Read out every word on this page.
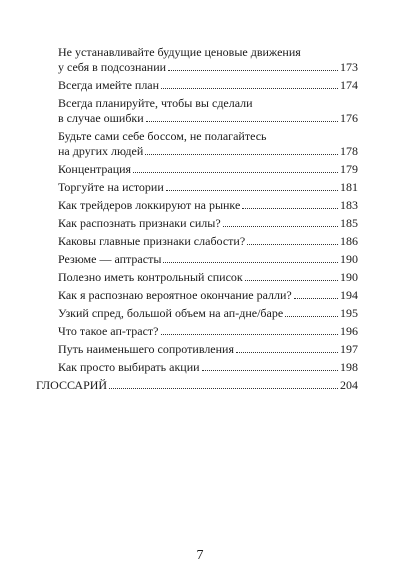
Не устанавливайте будущие ценовые движения
у себя в подсознании	173
Всегда имейте план	174
Всегда планируйте, чтобы вы сделали
в случае ошибки	176
Будьте сами себе боссом, не полагайтесь
на других людей	178
Концентрация	179
Торгуйте на истории	181
Как трейдеров локкируют на рынке	183
Как распознать признаки силы?	185
Каковы главные признаки слабости?	186
Резюме — аптрасты	190
Полезно иметь контрольный список	190
Как я распознаю вероятное окончание ралли?	194
Узкий спред, большой объем на ап-дне/баре	195
Что такое ап-траст?	196
Путь наименьшего сопротивления	197
Как просто выбирать акции	198
ГЛОССАРИЙ	204
7
